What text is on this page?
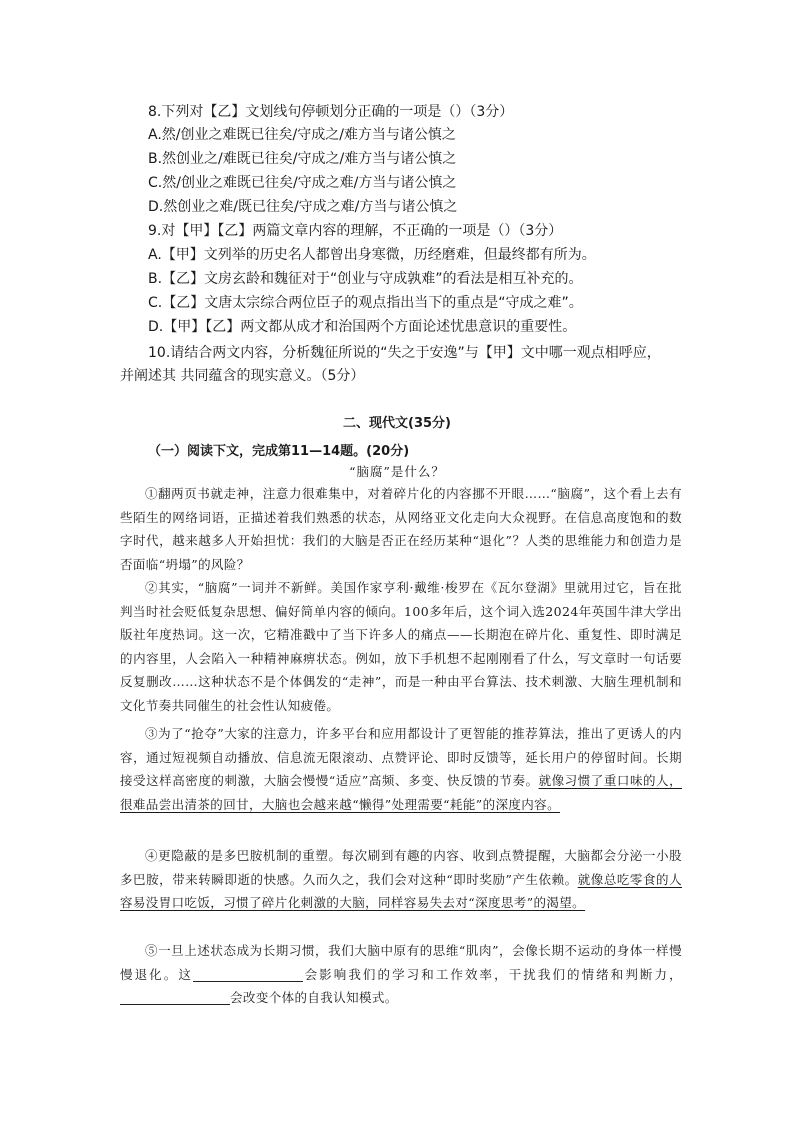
8.下列对【乙】文划线句停顿划分正确的一项是（）（3分）
A.然/创业之难既已往矣/守成之/难方当与诸公慎之
B.然创业之/难既已往矣/守成之/难方当与诸公慎之
C.然/创业之难既已往矣/守成之难/方当与诸公慎之
D.然创业之难/既已往矣/守成之难/方当与诸公慎之
9.对【甲】【乙】两篇文章内容的理解，不正确的一项是（）（3分）
A.【甲】文列举的历史名人都曾出身寒微，历经磨难，但最终都有所为。
B.【乙】文房玄龄和魏征对于“创业与守成孰难”的看法是相互补充的。
C.【乙】文唐太宗综合两位臣子的观点指出当下的重点是“守成之难”。
D.【甲】【乙】两文都从成才和治国两个方面论述忧患意识的重要性。
10.请结合两文内容，分析魏征所说的“失之于安逸”与【甲】文中哪一观点相呼应，
并阐述其 共同蕴含的现实意义。（5分）
二、现代文(35分)
（一）阅读下文，完成第11—14题。(20分)
“脑腐”是什么？

①翻两页书就走神，注意力很难集中，对着碎片化的内容挪不开眼……“脑腐”，这个看上去有些陌生的网络词语，正描述着我们熟悉的状态，从网络亚文化走向大众视野。在信息高度饱和的数字时代，越来越多人开始担忧：我们的大脑是否正在经历某种“退化”？人类的思维能力和创造力是否面临“坍塌”的风险？

②其实，“脑腐”一词并不新鲜。美国作家亨利·戴维·梭罗在《瓦尔登湖》里就用过它，旨在批判当时社会贬低复杂思想、偏好简单内容的倾向。100多年后，这个词入选2024年英国牛津大学出版社年度热词。这一次，它精准戳中了当下许多人的痛点——长期泡在碎片化、重复性、即时满足的内容里，人会陷入一种精神麻痹状态。例如，放下手机想不起刚刚看了什么，写文章时一句话要反复删改……这种状态不是个体偶发的“走神”，而是一种由平台算法、技术刺激、大脑生理机制和文化节奏共同催生的社会性认知疲倦。

③为了“抢夺”大家的注意力，许多平台和应用都设计了更智能的推荐算法，推出了更诱人的内容，通过短视频自动播放、信息流无限滚动、点赞评论、即时反馈等，延长用户的停留时间。长期接受这样高密度的刺激，大脑会慢慢“适应”高频、多变、快反馈的节奏。就像习惯了重口味的人，很难品尝出清茶的回甘，大脑也会越来越“懒得”处理需要“耗能”的深度内容。

④更隐蔽的是多巴胺机制的重塑。每次刷到有趣的内容、收到点赞提醒，大脑都会分泌一小股多巴胺，带来转瞬即逝的快感。久而久之，我们会对这种“即时奖励”产生依赖。就像总吃零食的人容易没胃口吃饭，习惯了碎片化刺激的大脑，同样容易失去对“深度思考”的渴望。

⑤一旦上述状态成为长期习惯，我们大脑中原有的思维“肌肉”，会像长期不运动的身体一样慢慢退化。这	会影响我们的学习和工作效率，干扰我们的情绪和判断力，会改变个体的自我认知模式。
